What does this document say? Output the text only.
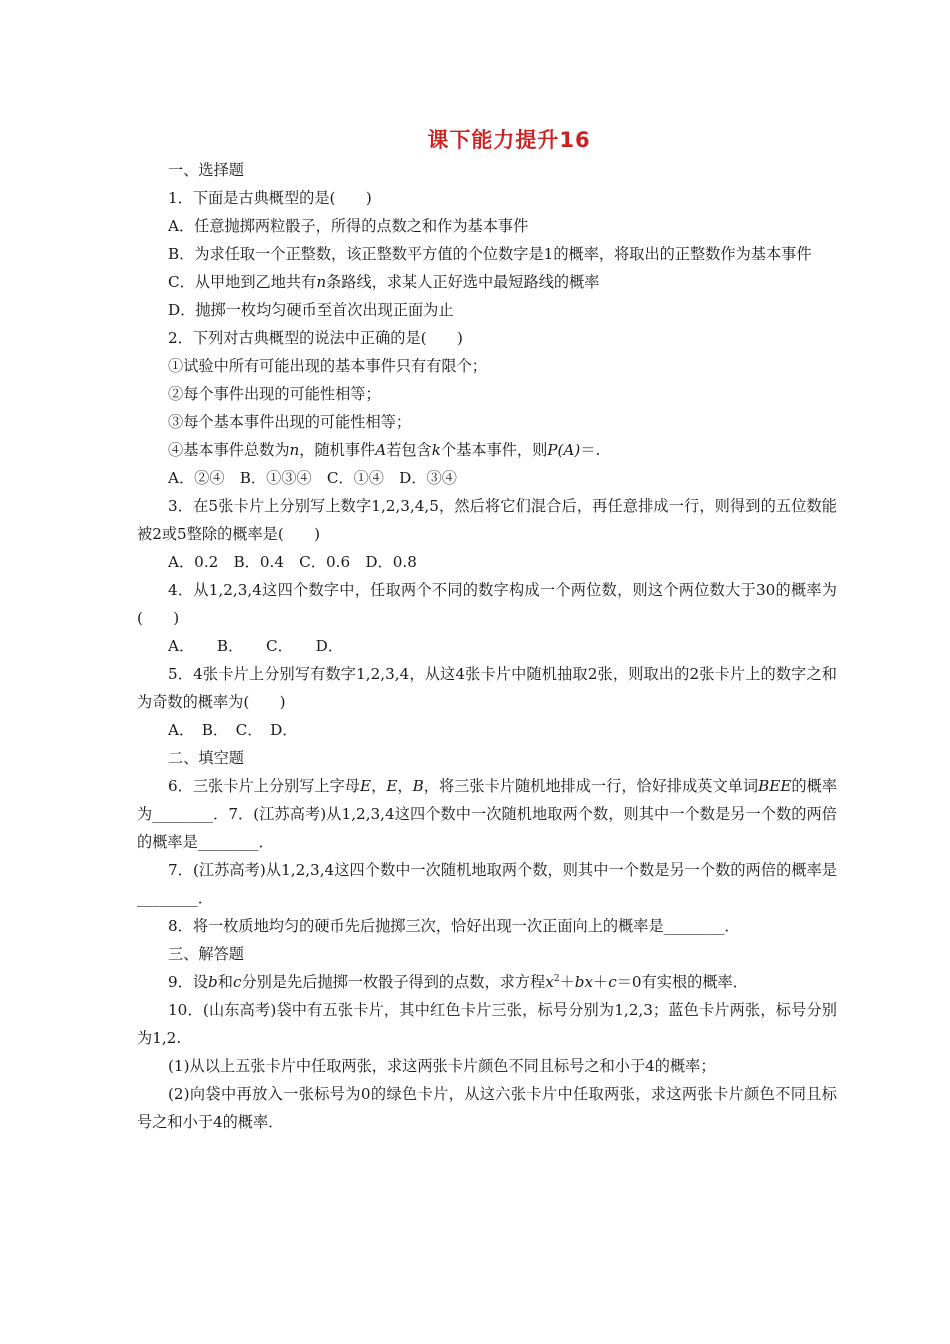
课下能力提升16

一、选择题

1．下面是古典概型的是(　　)

A．任意抛掷两粒骰子，所得的点数之和作为基本事件

B．为求任取一个正整数，该正整数平方值的个位数字是1的概率，将取出的正整数作为基本事件

C．从甲地到乙地共有n条路线，求某人正好选中最短路线的概率

D．抛掷一枚均匀硬币至首次出现正面为止

2．下列对古典概型的说法中正确的是(　　)

①试验中所有可能出现的基本事件只有有限个；

②每个事件出现的可能性相等；

③每个基本事件出现的可能性相等；

④基本事件总数为n，随机事件A若包含k个基本事件，则P(A)＝.

A．②④　B．①③④　C．①④　D．③④

3．在5张卡片上分别写上数字1,2,3,4,5，然后将它们混合后，再任意排成一行，则得到的五位数能被2或5整除的概率是(　　)

A．0.2　B．0.4　C．0.6　D．0.8

4．从1,2,3,4这四个数字中，任取两个不同的数字构成一个两位数，则这个两位数大于30的概率为(　　)

A．　　B．　　C．　　D．

5．4张卡片上分别写有数字1,2,3,4，从这4张卡片中随机抽取2张，则取出的2张卡片上的数字之和为奇数的概率为(　　)

A．　B．　C．　D．

二、填空题

6．三张卡片上分别写上字母E，E，B，将三张卡片随机地排成一行，恰好排成英文单词BEE的概率为________．7．(江苏高考)从1,2,3,4这四个数中一次随机地取两个数，则其中一个数是另一个数的两倍的概率是________．

7．(江苏高考)从1,2,3,4这四个数中一次随机地取两个数，则其中一个数是另一个数的两倍的概率是________．

8．将一枚质地均匀的硬币先后抛掷三次，恰好出现一次正面向上的概率是________．

三、解答题

9．设b和c分别是先后抛掷一枚骰子得到的点数，求方程$x^2+bx+c=0$有实根的概率．

10．(山东高考)袋中有五张卡片，其中红色卡片三张，标号分别为1,2,3；蓝色卡片两张，标号分别为1,2.

(1)从以上五张卡片中任取两张，求这两张卡片颜色不同且标号之和小于4的概率；

(2)向袋中再放入一张标号为0的绿色卡片，从这六张卡片中任取两张，求这两张卡片颜色不同且标号之和小于4的概率．
